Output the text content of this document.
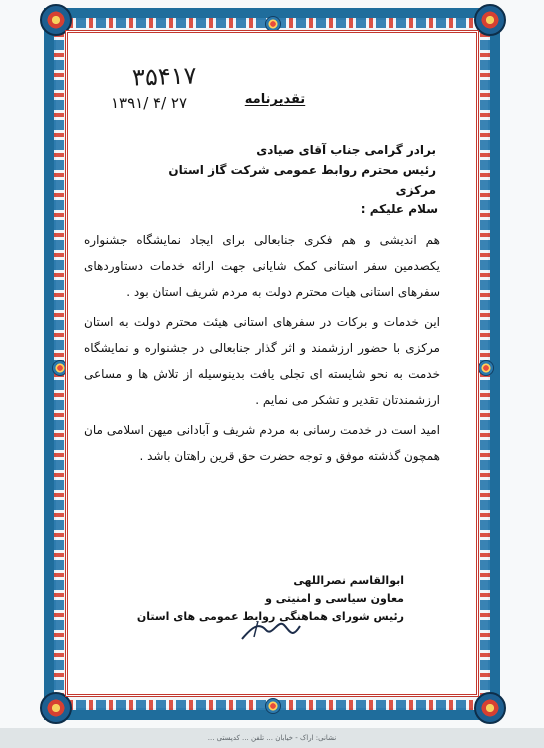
۳۵۴۱۷
۱۳۹۱/ ۴/ ۲۷	تقدیرنامه
برادر گرامی جناب آقای صیادی
رئیس محترم روابط عمومی شرکت گاز استان مرکزی
سلام علیکم :

هم اندیشی و هم فکری جنابعالی برای ایجاد نمایشگاه جشنواره یکصدمین سفر استانی کمک شایانی جهت ارائه خدمات دستاوردهای سفرهای استانی هیات محترم دولت به مردم شریف استان بود .

این خدمات و برکات در سفرهای استانی هیئت محترم دولت به استان مرکزی با حضور ارزشمند و اثر گذار جنابعالی در جشنواره و نمایشگاه خدمت به نحو شایسته ای تجلی یافت بدینوسیله از تلاش ها و مساعی ارزشمندتان تقدیر و تشکر می نمایم .

امید است در خدمت رسانی به مردم شریف و آبادانی میهن اسلامی مان همچون گذشته موفق و توجه حضرت حق قرین راهتان باشد .

ابوالقاسم نصراللهی
معاون سیاسی و امنیتی و
رئیس شورای هماهنگی روابط عمومی های استان
نشانی: اراک - خیابان ... تلفن ... کدپستی ...
